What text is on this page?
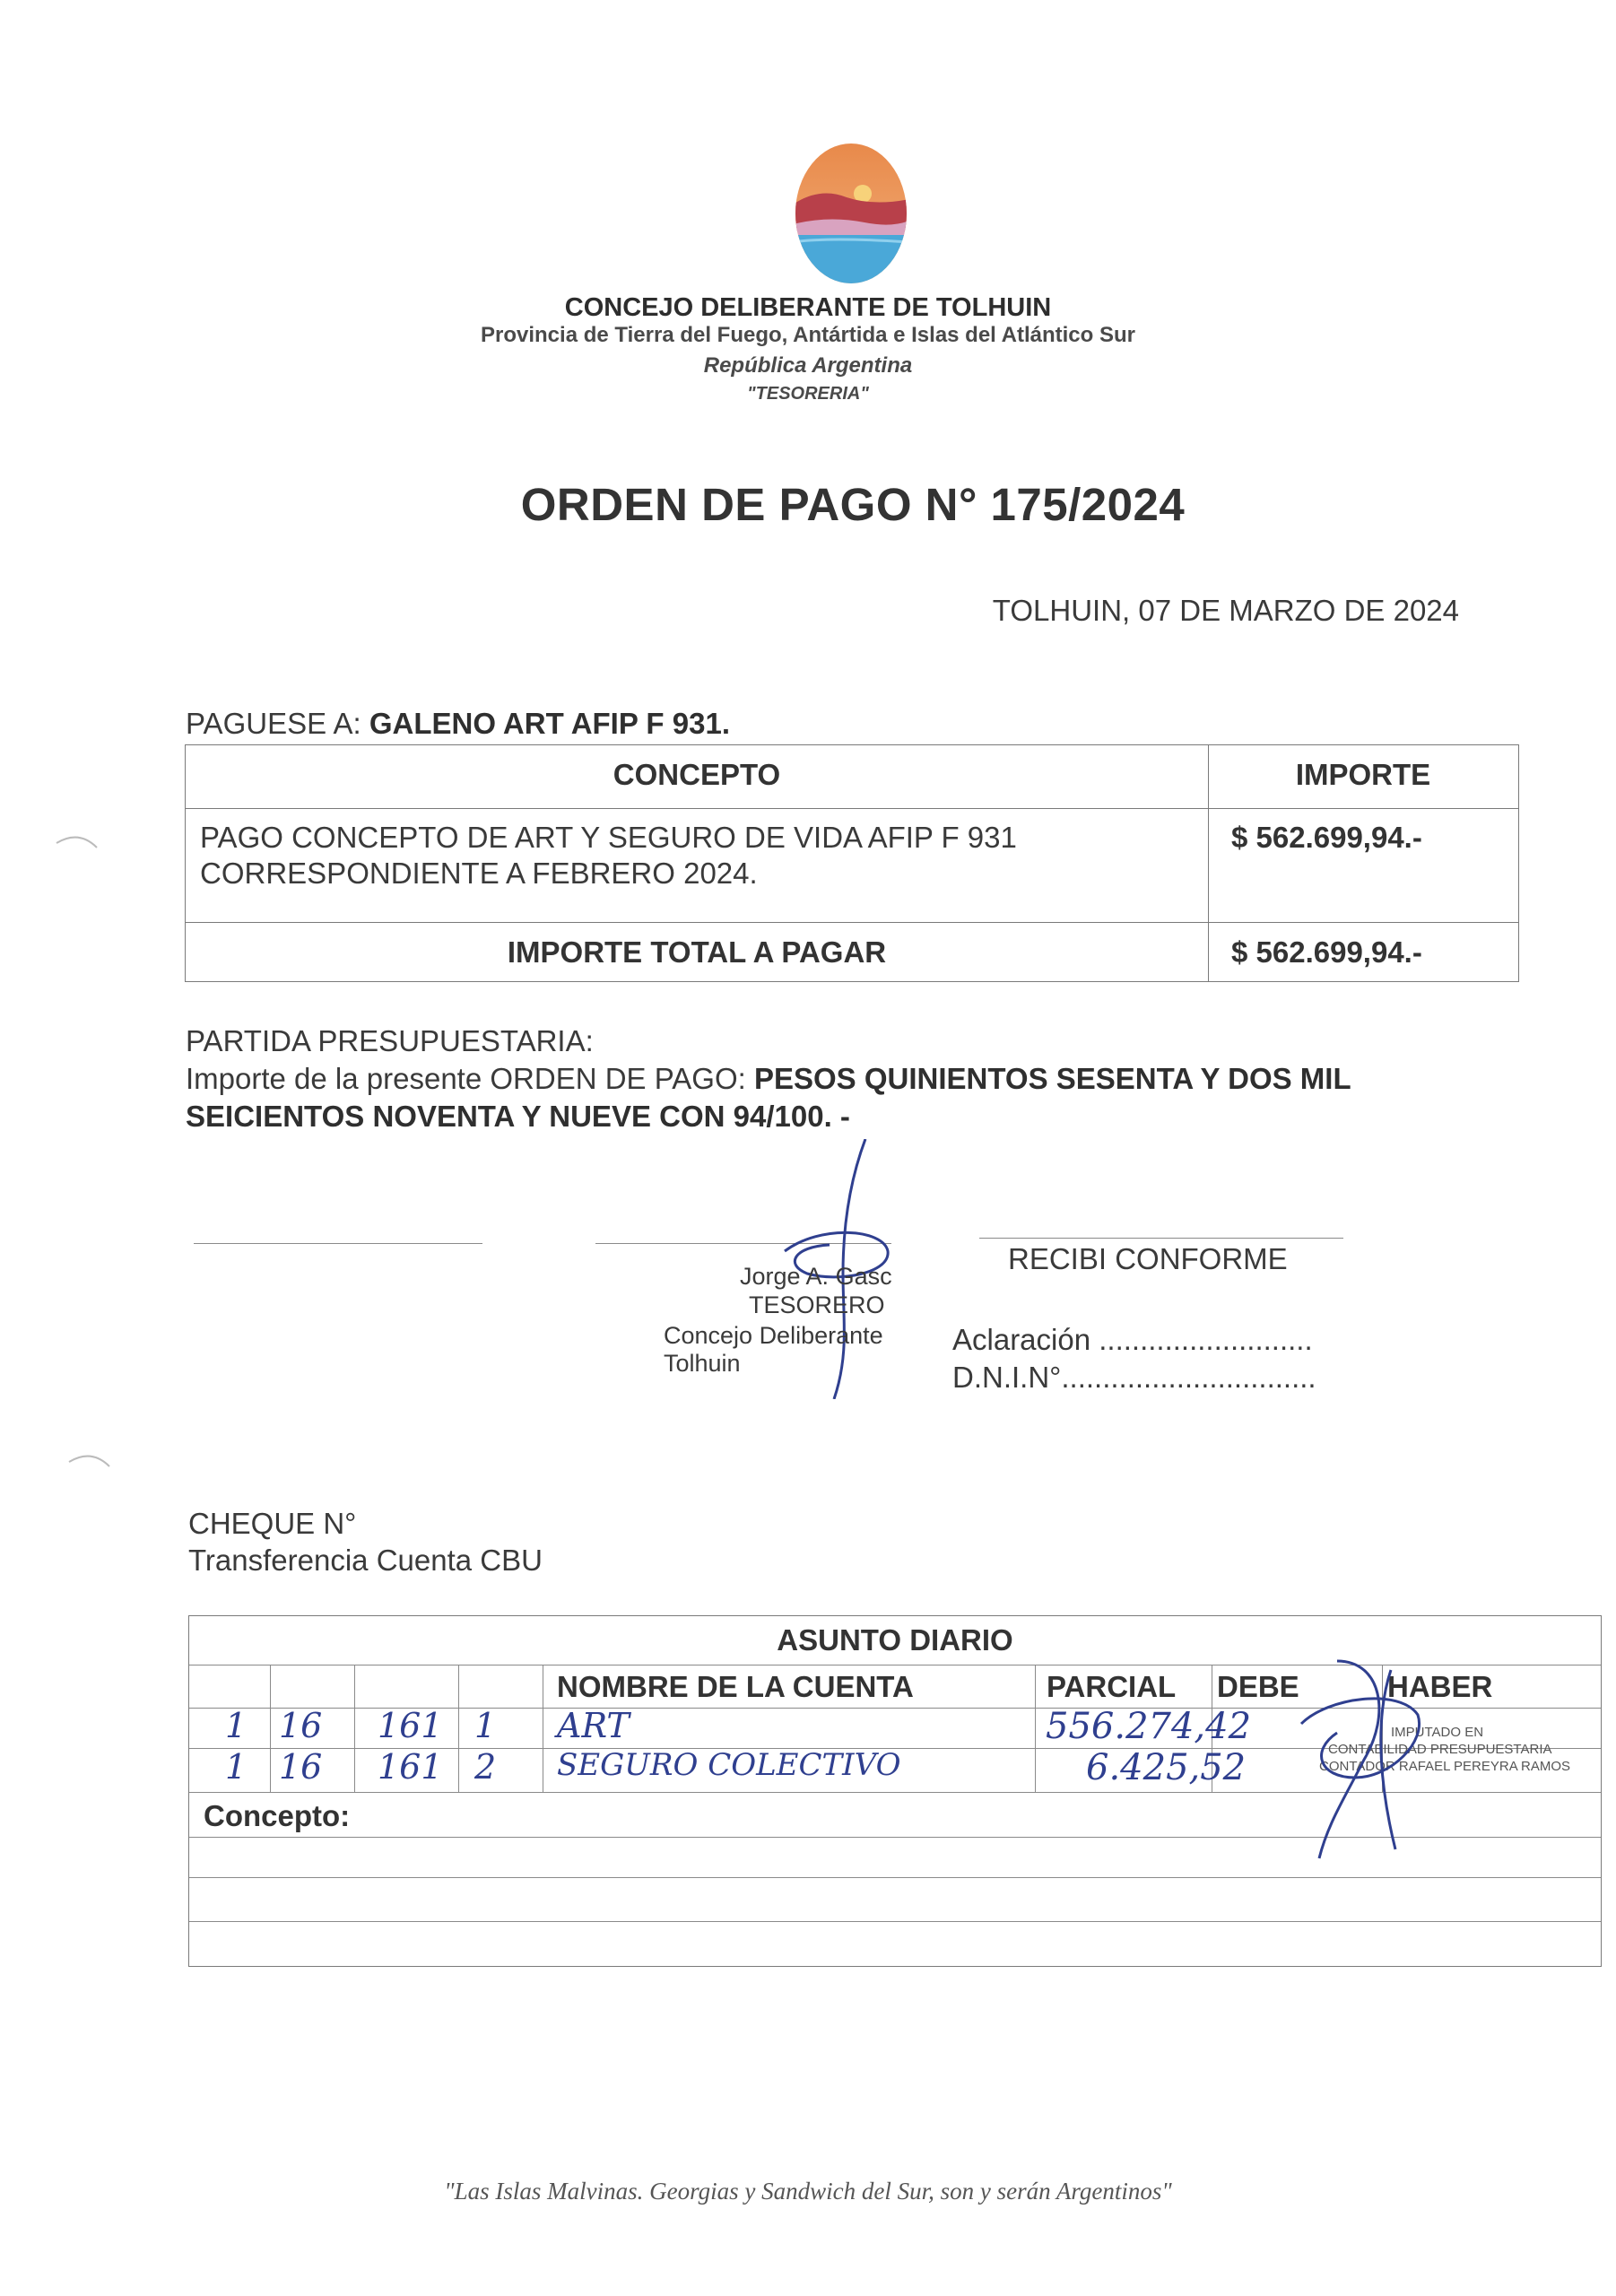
CONCEJO DELIBERANTE DE TOLHUIN
Provincia de Tierra del Fuego, Antártida e Islas del Atlántico Sur
República Argentina
"TESORERIA"
ORDEN DE PAGO N° 175/2024
TOLHUIN, 07 DE MARZO DE 2024
PAGUESE A: GALENO ART AFIP F 931.
CONCEPTO	IMPORTE
PAGO CONCEPTO DE ART Y SEGURO DE VIDA AFIP F 931
CORRESPONDIENTE A FEBRERO 2024.
$ 562.699,94.-
IMPORTE TOTAL A PAGAR	$ 562.699,94.-
PARTIDA PRESUPUESTARIA:
Importe de la presente ORDEN DE PAGO: PESOS QUINIENTOS SESENTA Y DOS MIL SEICIENTOS NOVENTA Y NUEVE CON 94/100. -
Jorge A. Gasc
TESORERO
Concejo Deliberante Tolhuin
RECIBI CONFORME
Aclaración ..........................
D.N.I.N°...............................
CHEQUE N°
Transferencia Cuenta CBU
ASUNTO DIARIO
NOMBRE DE LA CUENTA	PARCIAL DEBE	HABER
1 16 161 1 ART	556.274,42
1 16 161 2 SEGURO COLECTIVO	6.425,52
IMPUTADO EN
CONTABILIDAD PRESUPUESTARIA
CONTADOR RAFAEL PEREYRA RAMOS
Concepto:
"Las Islas Malvinas. Georgias y Sandwich del Sur, son y serán Argentinos"
